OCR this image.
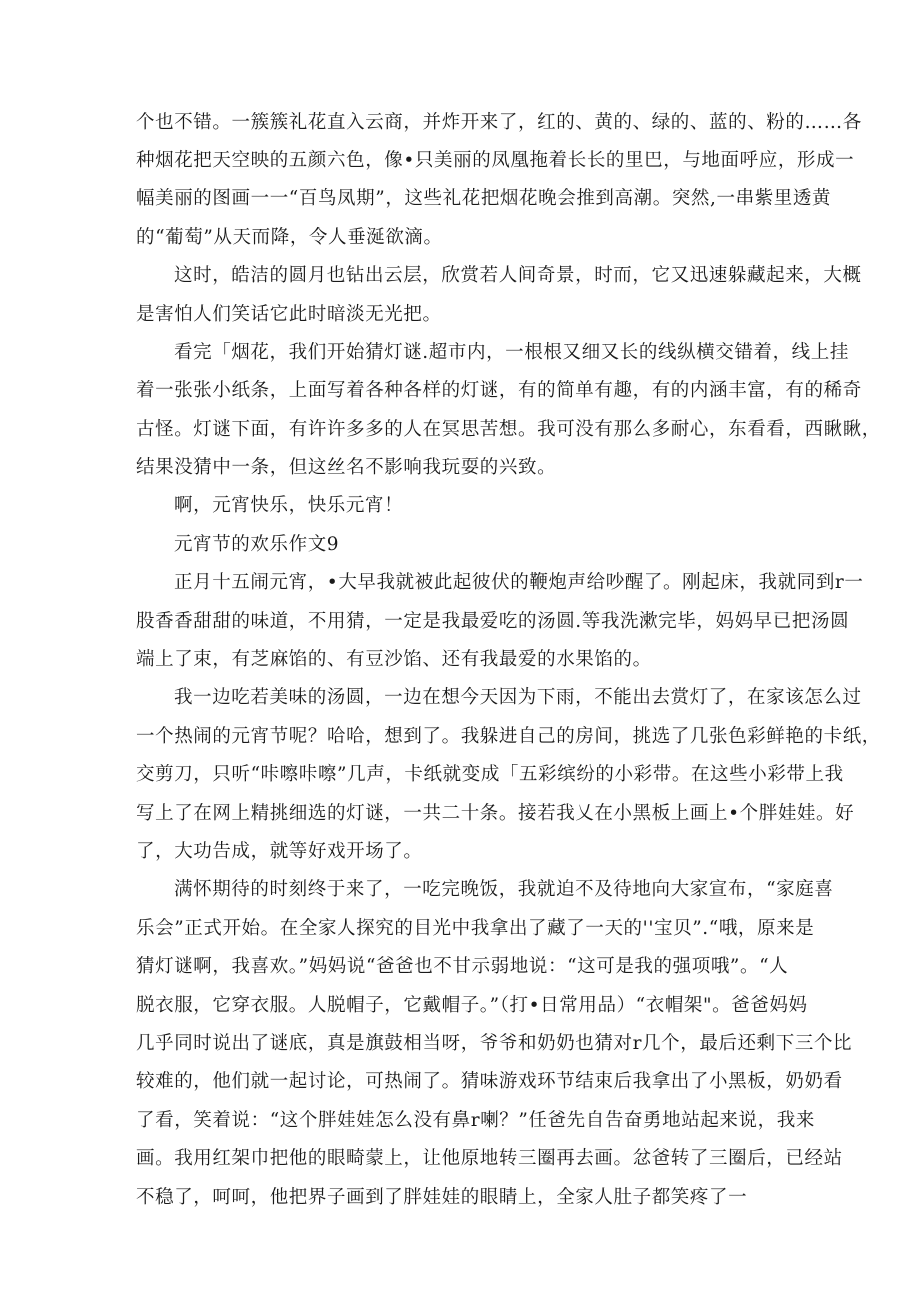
个也不错。一簇簇礼花直入云商，并炸开来了，红的、黄的、绿的、蓝的、粉的……各
种烟花把天空映的五颜六色，像•只美丽的凤凰拖着长长的里巴，与地面呼应，形成一
幅美丽的图画一一“百鸟凤期”，这些礼花把烟花晚会推到高潮。突然,一串紫里透黄
的“葡萄”从天而降，令人垂涎欲滴。
这时，皓洁的圆月也钻出云层，欣赏若人间奇景，时而，它又迅速躲藏起来，大概
是害怕人们笑话它此时暗淡无光把。
看完「烟花，我们开始猜灯谜.超市内，一根根又细又长的线纵横交错着，线上挂
着一张张小纸条，上面写着各种各样的灯谜，有的简单有趣，有的内涵丰富，有的稀奇
古怪。灯谜下面，有许许多多的人在冥思苦想。我可没有那么多耐心，东看看，西瞅瞅，
结果没猜中一条，但这丝名不影响我玩耍的兴致。
啊，元宵快乐，快乐元宵！
元宵节的欢乐作文9
正月十五闹元宵，•大早我就被此起彼伏的鞭炮声给吵醒了。刚起床，我就同到r一
股香香甜甜的味道，不用猜，一定是我最爱吃的汤圆.等我洗漱完毕，妈妈早已把汤圆
端上了束，有芝麻馅的、有豆沙馅、还有我最爱的水果馅的。
我一边吃若美味的汤圆，一边在想今天因为下雨，不能出去赏灯了，在家该怎么过
一个热闹的元宵节呢？哈哈，想到了。我躲进自己的房间，挑选了几张色彩鲜艳的卡纸，
交剪刀，只听“咔嚓咔嚓”几声，卡纸就变成「五彩缤纷的小彩带。在这些小彩带上我
写上了在网上精挑细选的灯谜，一共二十条。接若我乂在小黑板上画上•个胖娃娃。好
了，大功告成，就等好戏开场了。
满怀期待的时刻终于来了，一吃完晚饭，我就迫不及待地向大家宣布，“家庭喜
乐会”正式开始。在全家人探究的目光中我拿出了藏了一天的''宝贝”.“哦，原来是
猜灯谜啊，我喜欢。”妈妈说“爸爸也不甘示弱地说：“这可是我的强项哦”。“人
脱衣服，它穿衣服。人脱帽子，它戴帽子。”（打•日常用品）“衣帽架"。爸爸妈妈
几乎同时说出了谜底，真是旗鼓相当呀，爷爷和奶奶也猜对r几个，最后还剩下三个比
较难的，他们就一起讨论，可热闹了。猜味游戏环节结束后我拿出了小黑板，奶奶看
了看，笑着说：“这个胖娃娃怎么没有鼻r喇？”任爸先自告奋勇地站起来说，我来
画。我用红架巾把他的眼畸蒙上，让他原地转三圈再去画。忿爸转了三圈后，已经站
不稳了，呵呵，他把界子画到了胖娃娃的眼睛上，全家人肚子都笑疼了一
